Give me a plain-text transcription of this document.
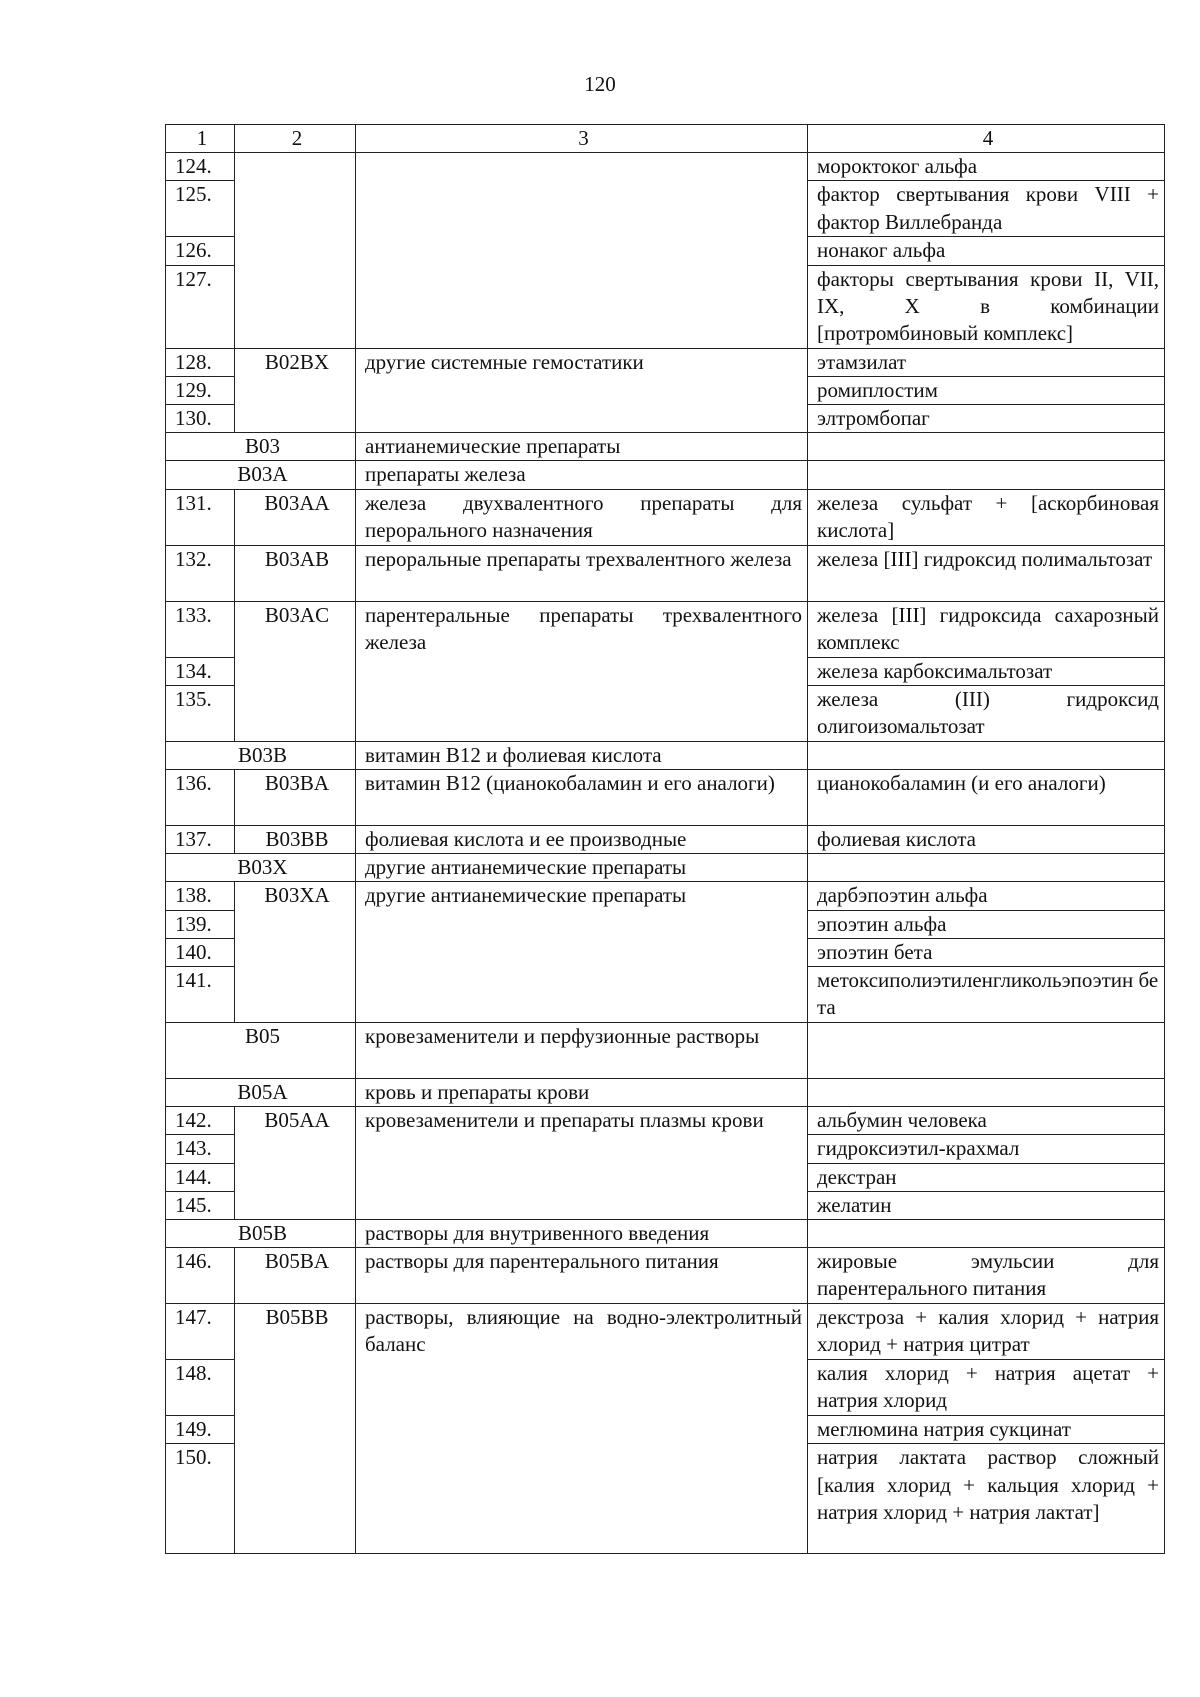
120
1	2	3	4
124.			мороктоког альфа
125.			фактор свертывания крови VIII + фактор Виллебранда
126.			нонаког альфа
127.			факторы свертывания крови II, VII, IX, X в комбинации [протромбиновый комплекс]
128.	B02BX	другие системные гемостатики	этамзилат
129.			ромиплостим
130.			элтромбопаг
B03		антианемические препараты	
B03A		препараты железа	
131.	B03AA	железа двухвалентного препараты для перорального назначения	железа сульфат + [аскорбиновая кислота]
132.	B03AB	пероральные препараты трехвалентного железа	железа [III] гидроксид полимальтозат
133.	B03AC	парентеральные препараты трехвалентного железа	железа [III] гидроксида сахарозный комплекс
134.			железа карбоксимальтозат
135.			железа (III) гидроксид олигоизомальтозат
B03B		витамин B12 и фолиевая кислота	
136.	B03BA	витамин B12 (цианокобаламин и его аналоги)	цианокобаламин (и его аналоги)
137.	B03BB	фолиевая кислота и ее производные	фолиевая кислота
B03X		другие антианемические препараты	
138.	B03XA	другие антианемические препараты	дарбэпоэтин альфа
139.			эпоэтин альфа
140.			эпоэтин бета
141.			метоксиполиэтиленгликольэпоэтин бета
B05		кровезаменители и перфузионные растворы	
B05A		кровь и препараты крови	
142.	B05AA	кровезаменители и препараты плазмы крови	альбумин человека
143.			гидроксиэтил-крахмал
144.			декстран
145.			желатин
B05B		растворы для внутривенного введения	
146.	B05BA	растворы для парентерального питания	жировые эмульсии для парентерального питания
147.	B05BB	растворы, влияющие на водно-электролитный баланс	декстроза + калия хлорид + натрия хлорид + натрия цитрат
148.			калия хлорид + натрия ацетат + натрия хлорид
149.			меглюмина натрия сукцинат
150.			натрия лактата раствор сложный [калия хлорид + кальция хлорид + натрия хлорид + натрия лактат]
